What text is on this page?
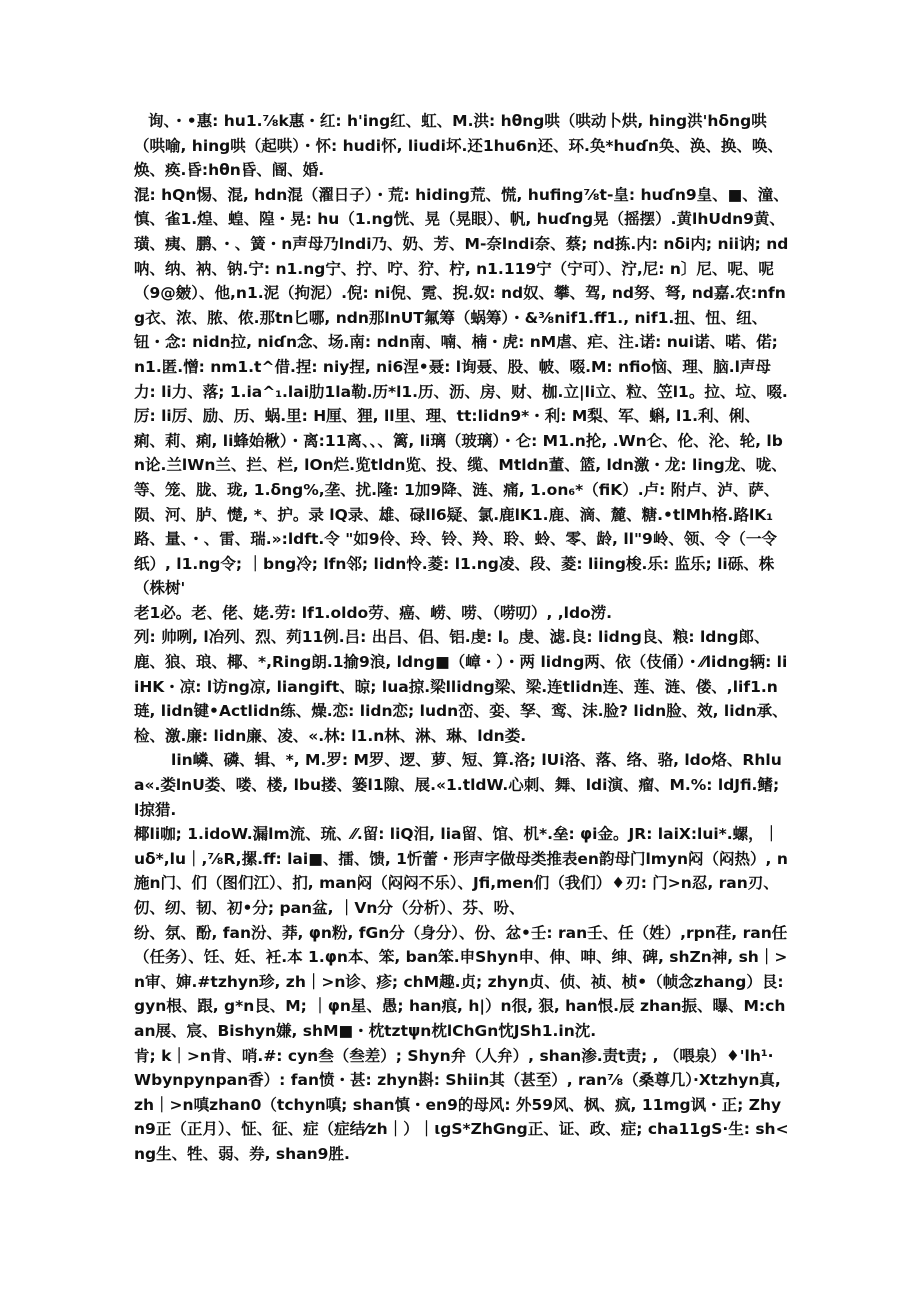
询、・•惠: hu1.⅞k惠・红: h'ing红、虹、M.洪: hθng哄（哄动卜烘, hing洪'hδng哄（哄喻, hing哄（起哄）・怀: hudi怀, liudi坏.还1hu6n还、环.奂*huɗn奂、涣、换、唤、焕、痪.昏:hθn昏、阍、婚.

混: hQn惕、混, hdn混（濯日子）・荒: hiding荒、慌, hufing⅞t-皇: huɗn9皇、■、潼、慎、雀1.煌、蝗、隍・晃: hu（1.ng恍、晃（晃眼）、帆, huɗng晃（摇摆）.黄lhUdn9黄、璜、痍、鹏、・、簧・n声母乃lndi乃、奶、芳、M-奈lndi奈、蔡; nd拣.内: nδi内; nii讷; nd呐、纳、衲、钠.宁: n1.ng宁、拧、咛、狞、柠, n1.119宁（宁可）、泞,尼: n〕尼、呢、呢（9@皴）、他,n1.泥（拘泥）.倪: ni倪、霓、掜.奴: nd奴、攀、驾, nd努、弩, nd嘉.农:nfng衣、浓、脓、侬.那tn匕哪, ndn那lnUT氟筹（蜗筹）・&⅜nif1.ff1., nif1.扭、忸、纽、钮・念: nidn拉, niɗn念、场.南: ndn南、喃、楠・虎: nM虐、疟、注.诺: nui诺、喏、偌; n1.匿.憎: nm1.t^借.捏: niy捏, ni6涅•聂: l询聂、股、帔、啜.M: nfio恼、理、脑.l声母

力: li力、落; 1.ia^₁.lai肋1la勒.历*l1.历、沥、房、财、枷.立|li立、粒、笠l1。拉、垃、啜.厉: li厉、励、历、蜗.里: H厘、狸, ll里、理、tt:lidn9*・利: M梨、军、蝌, l1.利、俐、痢、莉、痢, li蜂始楸）・离:11离、、、篱, li璃（玻璃）・仑: M1.n抡, .Wn仑、伦、沦、轮, lbn论.兰lWn兰、拦、栏, lOn烂.览tldn览、投、缆、Mtldn董、篮, ldn激・龙: ling龙、咙、等、笼、胧、珑, 1.δng%,垄、扰.隆: 1加9降、涟、痛, 1.on₆*（fiK）.卢: 附卢、泸、萨、陨、河、胪、憷, *、护。录 lQ录、雄、碌ll6疑、氯.鹿lK1.鹿、滴、麓、糖.•tlMh格.路lK₁路、量、・、雷、瑞.»:ldft.令 "如9伶、玲、铃、羚、聆、蛉、零、龄, ll"9岭、领、令（一令纸）, l1.ng令; ｜bng冷; lfn邻; lidn怜.菱: l1.ng凌、段、菱: liing梭.乐: 监乐; li砾、株（株树'

老1必。老、佬、姥.劳: lf1.oldo劳、癌、崂、唠、（唠叨）, ,ldo涝.

列: 帅咧, l冶列、烈、茢11例.吕: 出吕、侣、铝.虔: l。虔、滤.良: lidng良、粮: ldng郎、鹿、狼、琅、椰、*,Ring朗.1揄9浪, ldng■（嶂・）・两 lidng两、依（伎俑）・⁄⁄lidng辆: liiHK・凉: l访ng凉, liangift、晾; lua掠.梁llidng梁、梁.连tlidn连、莲、涟、偻、,lif1.n琏, lidn键•Actlidn练、燥.恋: lidn恋; ludn峦、娈、孥、鸾、沫.脸? lidn脸、效, lidn承、检、激.廉: lidn廉、凌、«.林: l1.n林、淋、琳、ldn娄.

lin嶙、磷、辑、*, M.罗: M罗、逻、萝、短、算.洛; lUi洛、落、络、骆, ldo烙、Rhlua«.娄lnU娄、喽、楼, lbu搂、篓l1隙、展.«1.tldW.心刺、舞、ldi演、瘤、M.%: ldJfi.鳍; l掠猎.

椰li咖; 1.idoW.漏lm流、琉、⁄⁄.留: liQ泪, lia留、馆、机*.垒: φi金。JR: laiX:lui*.螺，｜uδ*,lu｜,⅞R,摞.ff: lai■、擂、馈, 1忻蕾・形声字做母类推表en韵母门lmyn闷（闷热）, n施n门、们（图们江）、扪, man闷（闷闷不乐）、Jfi,men们（我们）♦刃: 门>n忍, ran刃、仞、纫、韧、初•分; pan盆, ｜Vn分（分析）、芬、吩、

纷、氛、酚, fan汾、莽, φn粉, fGn分（身分）、份、忿•壬: ran壬、任（姓）,rpn荏, ran任（任务）、饪、妊、衽.本 1.φn本、笨, ban笨.申Shyn申、伸、呻、绅、碑, shZn神, sh｜>n审、婶.#tzhyn珍, zh｜>n诊、疹; chM趣.贞; zhyn贞、侦、祯、桢•（帧念zhang）艮: gyn根、跟, g*n艮、M; ｜φn星、愚; han痕, h|）n很, 狠, han恨.辰 zhan振、曝、M:chan展、宸、Bishyn嫌, shM■・枕tztψn枕lChGn忱JSh1.in沈.

肯; k｜>n肯、哨.#: cyn叁（叁差）; Shyn弁（人弁）, shan渗.责t责; , （喂泉）♦'lh¹·Wbynpynpan香）: fan愤・甚: zhyn斟: Shiin其（甚至）, ran⅞（桑尊几）·Xtzhyn真, zh｜>n嗔zhan0（tchyn嗔; shan慎・en9的母风: 外59风、枫、疯, 11mg讽・正; Zhyn9正（正月）、怔、征、症（症结⁄zh｜）｜ιgS*ZhGng正、证、政、症; cha11gS·生: sh<ng生、牲、弱、券, shan9胜.
